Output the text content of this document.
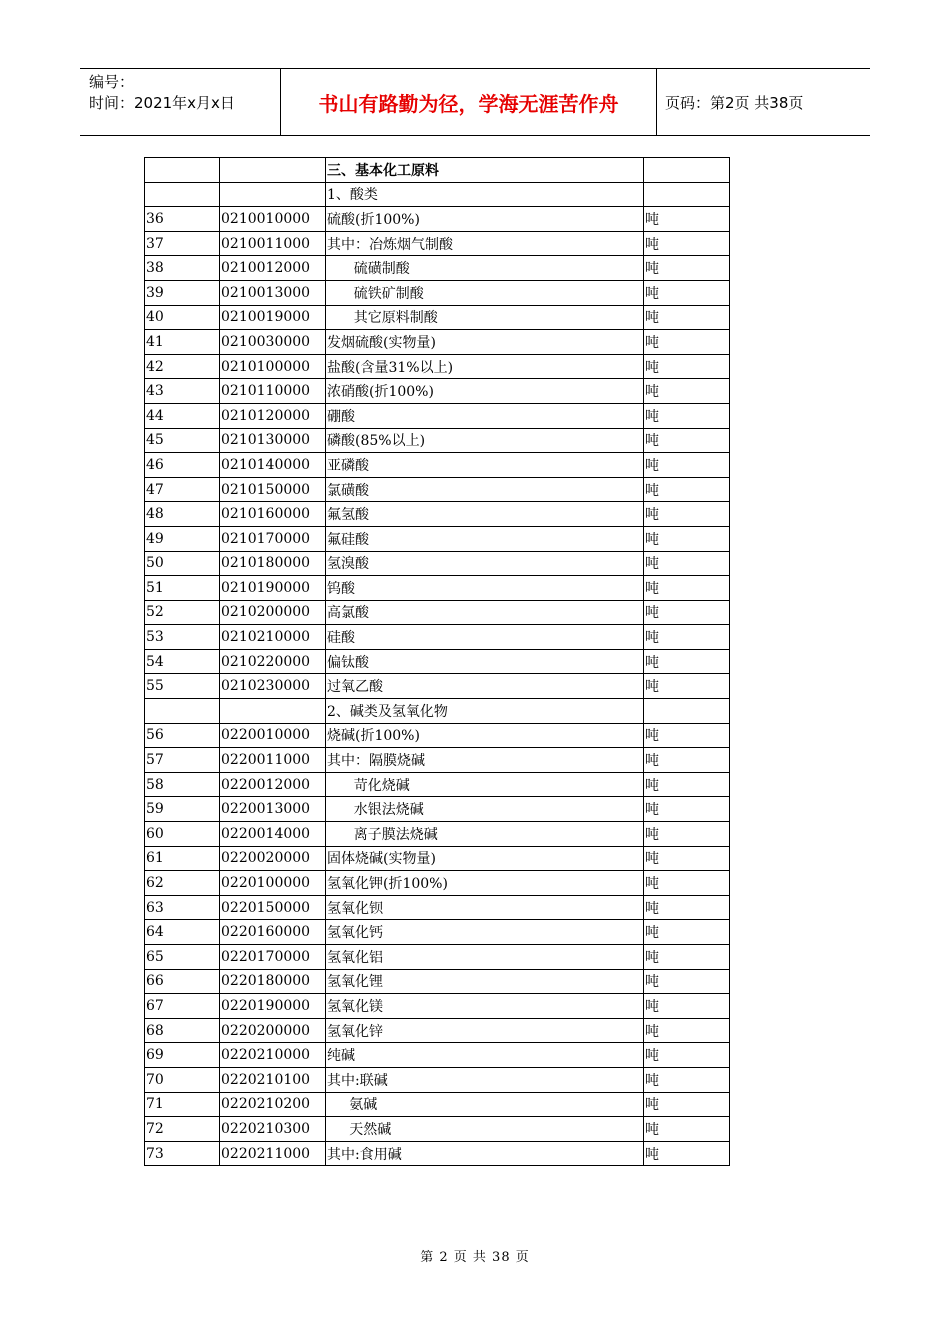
编号：
时间：2021年x月x日	书山有路勤为径，学海无涯苦作舟	页码：第2页 共38页
		三、基本化工原料	
		1、酸类	
36	0210010000	硫酸(折100%)	吨
37	0210011000	其中：冶炼烟气制酸	吨
38	0210012000	硫磺制酸	吨
39	0210013000	硫铁矿制酸	吨
40	0210019000	其它原料制酸	吨
41	0210030000	发烟硫酸(实物量)	吨
42	0210100000	盐酸(含量31%以上)	吨
43	0210110000	浓硝酸(折100%)	吨
44	0210120000	硼酸	吨
45	0210130000	磷酸(85%以上)	吨
46	0210140000	亚磷酸	吨
47	0210150000	氯磺酸	吨
48	0210160000	氟氢酸	吨
49	0210170000	氟硅酸	吨
50	0210180000	氢溴酸	吨
51	0210190000	钨酸	吨
52	0210200000	高氯酸	吨
53	0210210000	硅酸	吨
54	0210220000	偏钛酸	吨
55	0210230000	过氧乙酸	吨
		2、碱类及氢氧化物	
56	0220010000	烧碱(折100%)	吨
57	0220011000	其中：隔膜烧碱	吨
58	0220012000	苛化烧碱	吨
59	0220013000	水银法烧碱	吨
60	0220014000	离子膜法烧碱	吨
61	0220020000	固体烧碱(实物量)	吨
62	0220100000	氢氧化钾(折100%)	吨
63	0220150000	氢氧化钡	吨
64	0220160000	氢氧化钙	吨
65	0220170000	氢氧化铝	吨
66	0220180000	氢氧化锂	吨
67	0220190000	氢氧化镁	吨
68	0220200000	氢氧化锌	吨
69	0220210000	纯碱	吨
70	0220210100	其中:联碱	吨
71	0220210200	氨碱	吨
72	0220210300	天然碱	吨
73	0220211000	其中:食用碱	吨
第 2 页 共 38 页
